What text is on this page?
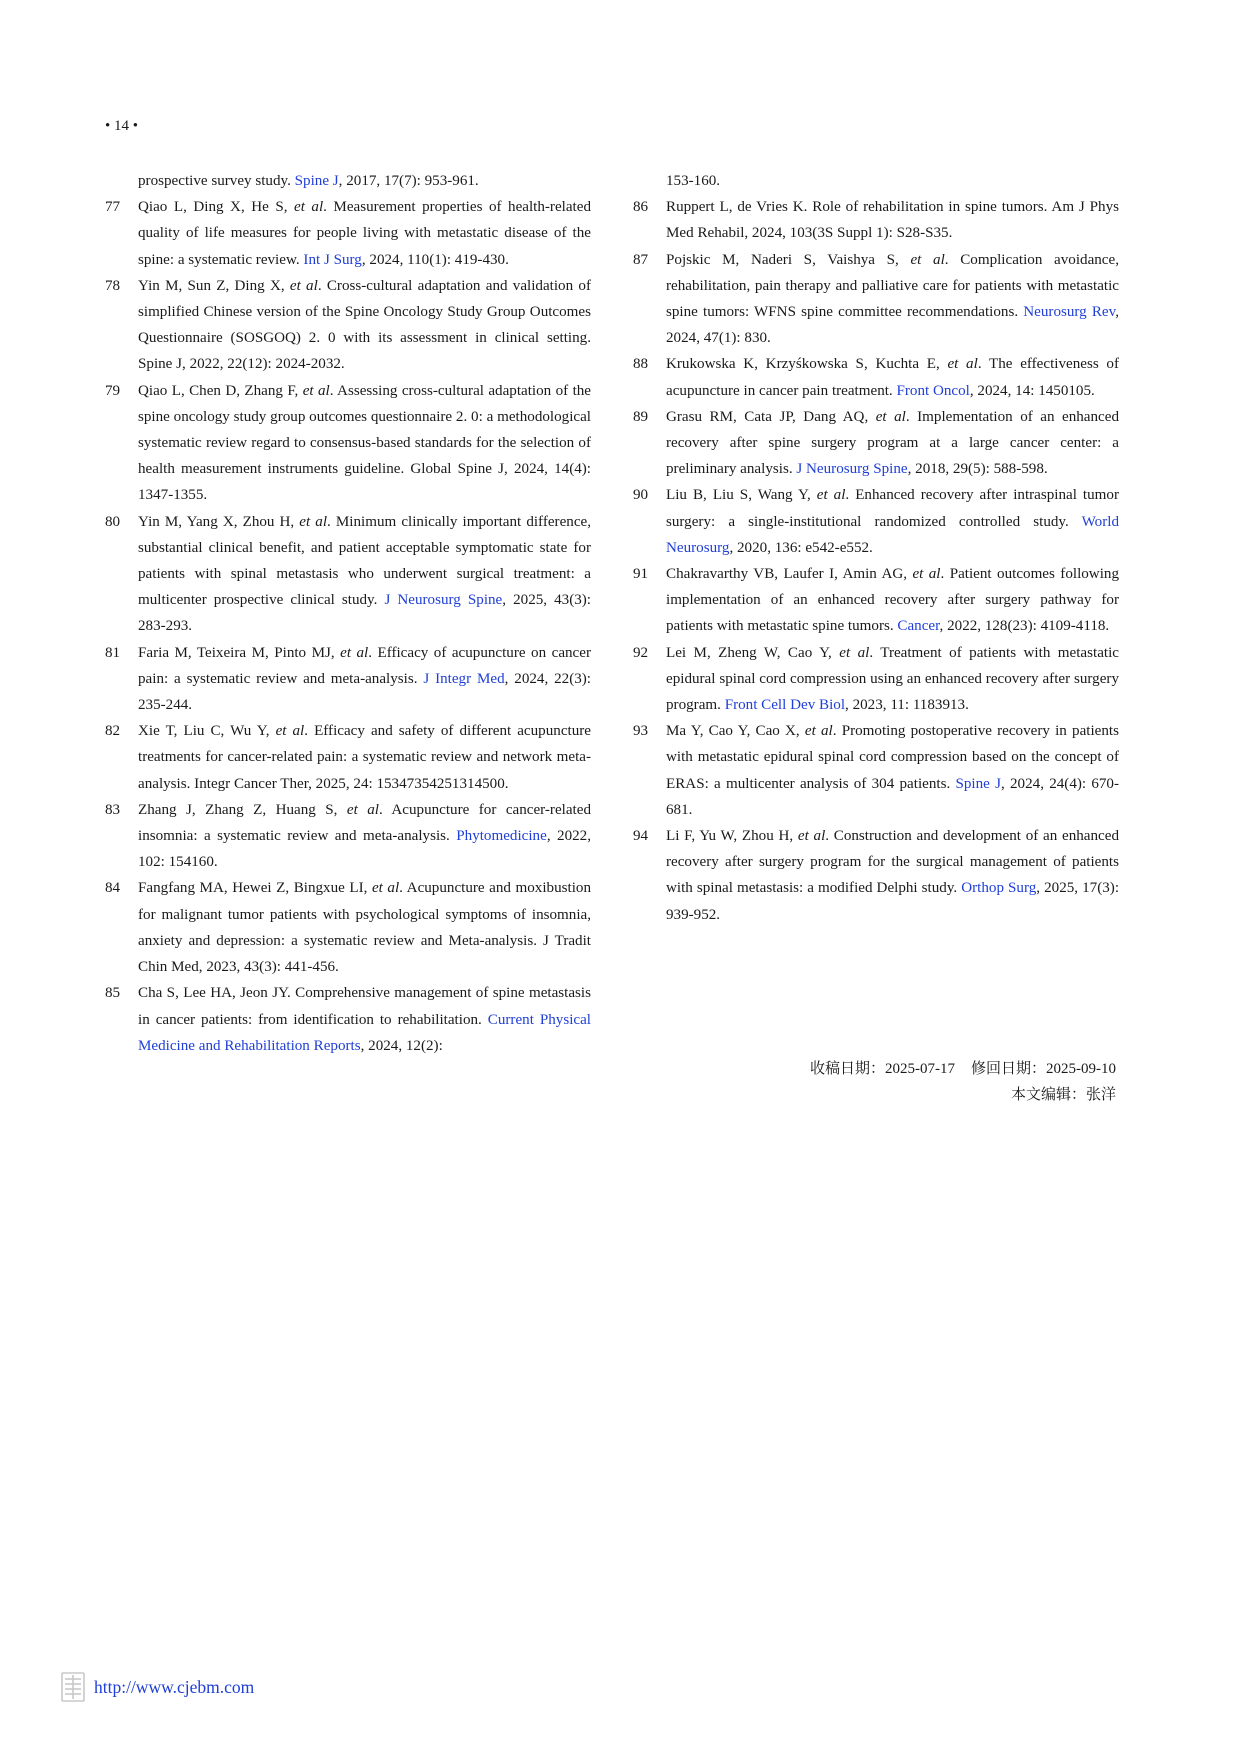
• 14 •
prospective survey study. Spine J, 2017, 17(7): 953-961.
77 Qiao L, Ding X, He S, et al. Measurement properties of health-related quality of life measures for people living with metastatic disease of the spine: a systematic review. Int J Surg, 2024, 110(1): 419-430.
78 Yin M, Sun Z, Ding X, et al. Cross-cultural adaptation and validation of simplified Chinese version of the Spine Oncology Study Group Outcomes Questionnaire (SOSGOQ) 2. 0 with its assessment in clinical setting. Spine J, 2022, 22(12): 2024-2032.
79 Qiao L, Chen D, Zhang F, et al. Assessing cross-cultural adaptation of the spine oncology study group outcomes questionnaire 2. 0: a methodological systematic review regard to consensus-based standards for the selection of health measurement instruments guideline. Global Spine J, 2024, 14(4): 1347-1355.
80 Yin M, Yang X, Zhou H, et al. Minimum clinically important difference, substantial clinical benefit, and patient acceptable symptomatic state for patients with spinal metastasis who underwent surgical treatment: a multicenter prospective clinical study. J Neurosurg Spine, 2025, 43(3): 283-293.
81 Faria M, Teixeira M, Pinto MJ, et al. Efficacy of acupuncture on cancer pain: a systematic review and meta-analysis. J Integr Med, 2024, 22(3): 235-244.
82 Xie T, Liu C, Wu Y, et al. Efficacy and safety of different acupuncture treatments for cancer-related pain: a systematic review and network meta-analysis. Integr Cancer Ther, 2025, 24: 15347354251314500.
83 Zhang J, Zhang Z, Huang S, et al. Acupuncture for cancer-related insomnia: a systematic review and meta-analysis. Phytomedicine, 2022, 102: 154160.
84 Fangfang MA, Hewei Z, Bingxue LI, et al. Acupuncture and moxibustion for malignant tumor patients with psychological symptoms of insomnia, anxiety and depression: a systematic review and Meta-analysis. J Tradit Chin Med, 2023, 43(3): 441-456.
85 Cha S, Lee HA, Jeon JY. Comprehensive management of spine metastasis in cancer patients: from identification to rehabilitation. Current Physical Medicine and Rehabilitation Reports, 2024, 12(2):
153-160.
86 Ruppert L, de Vries K. Role of rehabilitation in spine tumors. Am J Phys Med Rehabil, 2024, 103(3S Suppl 1): S28-S35.
87 Pojskic M, Naderi S, Vaishya S, et al. Complication avoidance, rehabilitation, pain therapy and palliative care for patients with metastatic spine tumors: WFNS spine committee recommendations. Neurosurg Rev, 2024, 47(1): 830.
88 Krukowska K, Krzyśkowska S, Kuchta E, et al. The effectiveness of acupuncture in cancer pain treatment. Front Oncol, 2024, 14: 1450105.
89 Grasu RM, Cata JP, Dang AQ, et al. Implementation of an enhanced recovery after spine surgery program at a large cancer center: a preliminary analysis. J Neurosurg Spine, 2018, 29(5): 588-598.
90 Liu B, Liu S, Wang Y, et al. Enhanced recovery after intraspinal tumor surgery: a single-institutional randomized controlled study. World Neurosurg, 2020, 136: e542-e552.
91 Chakravarthy VB, Laufer I, Amin AG, et al. Patient outcomes following implementation of an enhanced recovery after surgery pathway for patients with metastatic spine tumors. Cancer, 2022, 128(23): 4109-4118.
92 Lei M, Zheng W, Cao Y, et al. Treatment of patients with metastatic epidural spinal cord compression using an enhanced recovery after surgery program. Front Cell Dev Biol, 2023, 11: 1183913.
93 Ma Y, Cao Y, Cao X, et al. Promoting postoperative recovery in patients with metastatic epidural spinal cord compression based on the concept of ERAS: a multicenter analysis of 304 patients. Spine J, 2024, 24(4): 670-681.
94 Li F, Yu W, Zhou H, et al. Construction and development of an enhanced recovery after surgery program for the surgical management of patients with spinal metastasis: a modified Delphi study. Orthop Surg, 2025, 17(3): 939-952.
收稿日期：2025-07-17 修回日期：2025-09-10
本文编辑：张洋
http://www.cjebm.com
